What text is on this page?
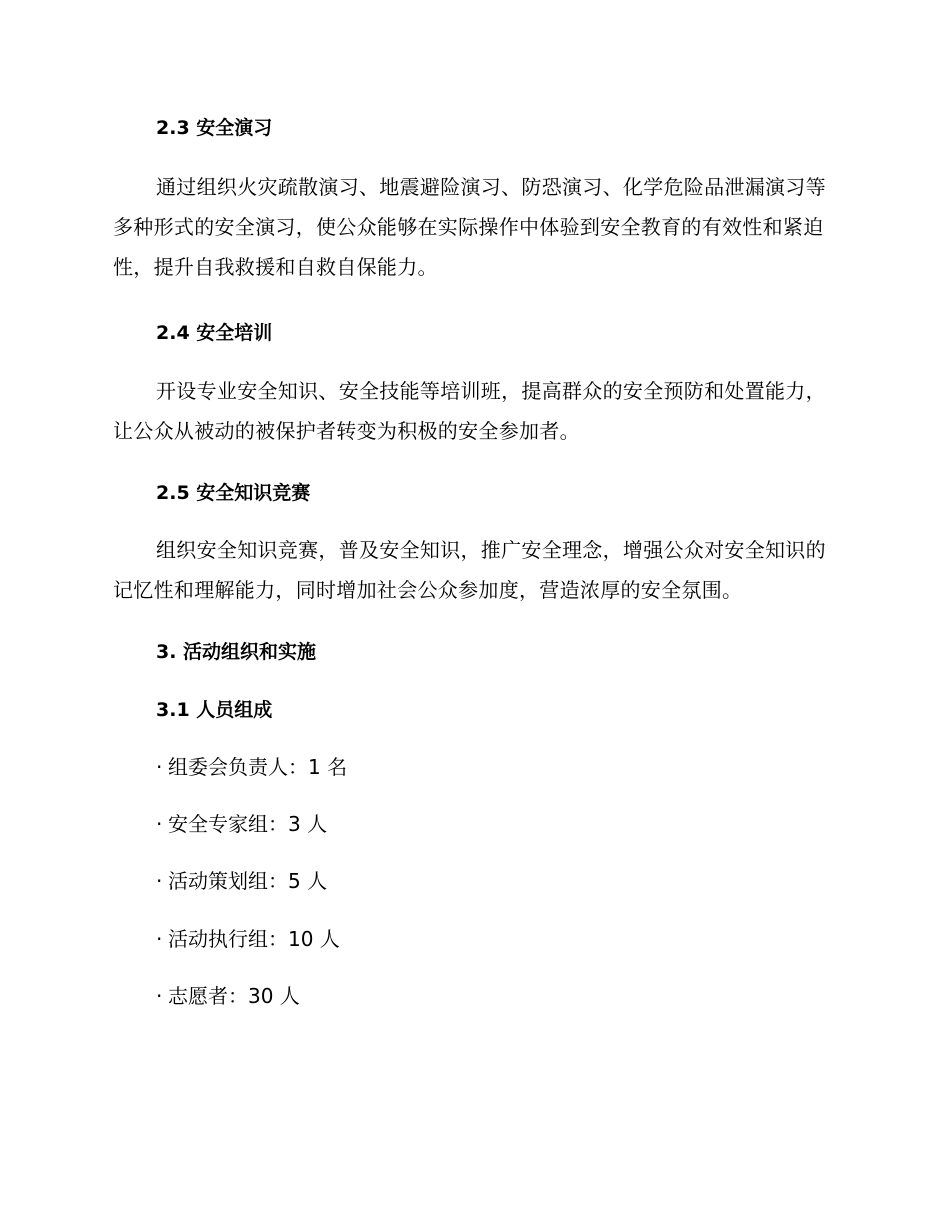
2.3 安全演习
通过组织火灾疏散演习、地震避险演习、防恐演习、化学危险品泄漏演习等多种形式的安全演习，使公众能够在实际操作中体验到安全教育的有效性和紧迫性，提升自我救援和自救自保能力。
2.4 安全培训
开设专业安全知识、安全技能等培训班，提高群众的安全预防和处置能力，让公众从被动的被保护者转变为积极的安全参加者。
2.5 安全知识竞赛
组织安全知识竞赛，普及安全知识，推广安全理念，增强公众对安全知识的记忆性和理解能力，同时增加社会公众参加度，营造浓厚的安全氛围。
3. 活动组织和实施
3.1 人员组成
· 组委会负责人：1 名
· 安全专家组：3 人
· 活动策划组：5 人
· 活动执行组：10 人
· 志愿者：30 人
